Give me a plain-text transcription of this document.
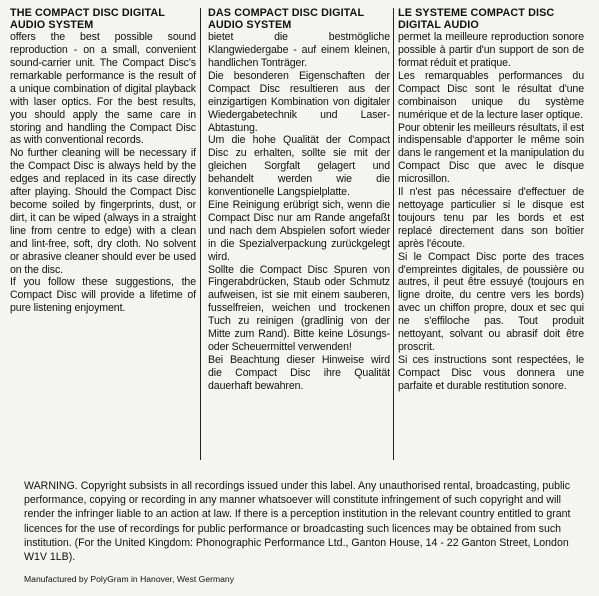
THE COMPACT DISC DIGITAL AUDIO SYSTEM

offers the best possible sound reproduction - on a small, convenient sound-carrier unit. The Compact Disc's remarkable performance is the result of a unique combination of digital playback with laser optics. For the best results, you should apply the same care in storing and handling the Compact Disc as with conventional records.

No further cleaning will be necessary if the Compact Disc is always held by the edges and replaced in its case directly after playing. Should the Compact Disc become soiled by fingerprints, dust, or dirt, it can be wiped (always in a straight line from centre to edge) with a clean and lint-free, soft, dry cloth. No solvent or abrasive cleaner should ever be used on the disc.

If you follow these suggestions, the Compact Disc will provide a lifetime of pure listening enjoyment.

DAS COMPACT DISC DIGITAL AUDIO SYSTEM

bietet die bestmögliche Klangwiedergabe - auf einem kleinen, handlichen Tonträger.

Die besonderen Eigenschaften der Compact Disc resultieren aus der einzigartigen Kombination von digitaler Wiedergabetechnik und Laser-Abtastung.

Um die hohe Qualität der Compact Disc zu erhalten, sollte sie mit der gleichen Sorgfalt gelagert und behandelt werden wie die konventionelle Langspielplatte.

Eine Reinigung erübrigt sich, wenn die Compact Disc nur am Rande angefaßt und nach dem Abspielen sofort wieder in die Spezialverpackung zurückgelegt wird.

Sollte die Compact Disc Spuren von Fingerabdrücken, Staub oder Schmutz aufweisen, ist sie mit einem sauberen, fusselfreien, weichen und trockenen Tuch zu reinigen (gradlinig von der Mitte zum Rand). Bitte keine Lösungs- oder Scheuermittel verwenden!

Bei Beachtung dieser Hinweise wird die Compact Disc ihre Qualität dauerhaft bewahren.

LE SYSTEME COMPACT DISC DIGITAL AUDIO

permet la meilleure reproduction sonore possible à partir d'un support de son de format réduit et pratique.

Les remarquables performances du Compact Disc sont le résultat d'une combinaison unique du système numérique et de la lecture laser optique.

Pour obtenir les meilleurs résultats, il est indispensable d'apporter le même soin dans le rangement et la manipulation du Compact Disc que avec le disque microsillon.

Il n'est pas nécessaire d'effectuer de nettoyage particulier si le disque est toujours tenu par les bords et est replacé directement dans son boîtier après l'écoute.

Si le Compact Disc porte des traces d'empreintes digitales, de poussière ou autres, il peut être essuyé (toujours en ligne droite, du centre vers les bords) avec un chiffon propre, doux et sec qui ne s'effiloche pas. Tout produit nettoyant, solvant ou abrasif doit être proscrit.

Si ces instructions sont respectées, le Compact Disc vous donnera une parfaite et durable restitution sonore.

WARNING. Copyright subsists in all recordings issued under this label. Any unauthorised rental, broadcasting, public performance, copying or recording in any manner whatsoever will constitute infringement of such copyright and will render the infringer liable to an action at law. If there is a perception institution in the relevant country entitled to grant licences for the use of recordings for public performance or broadcasting such licences may be obtained from such institution. (For the United Kingdom: Phonographic Performance Ltd., Ganton House, 14 - 22 Ganton Street, London W1V 1LB).

Manufactured by PolyGram in Hanover, West Germany
